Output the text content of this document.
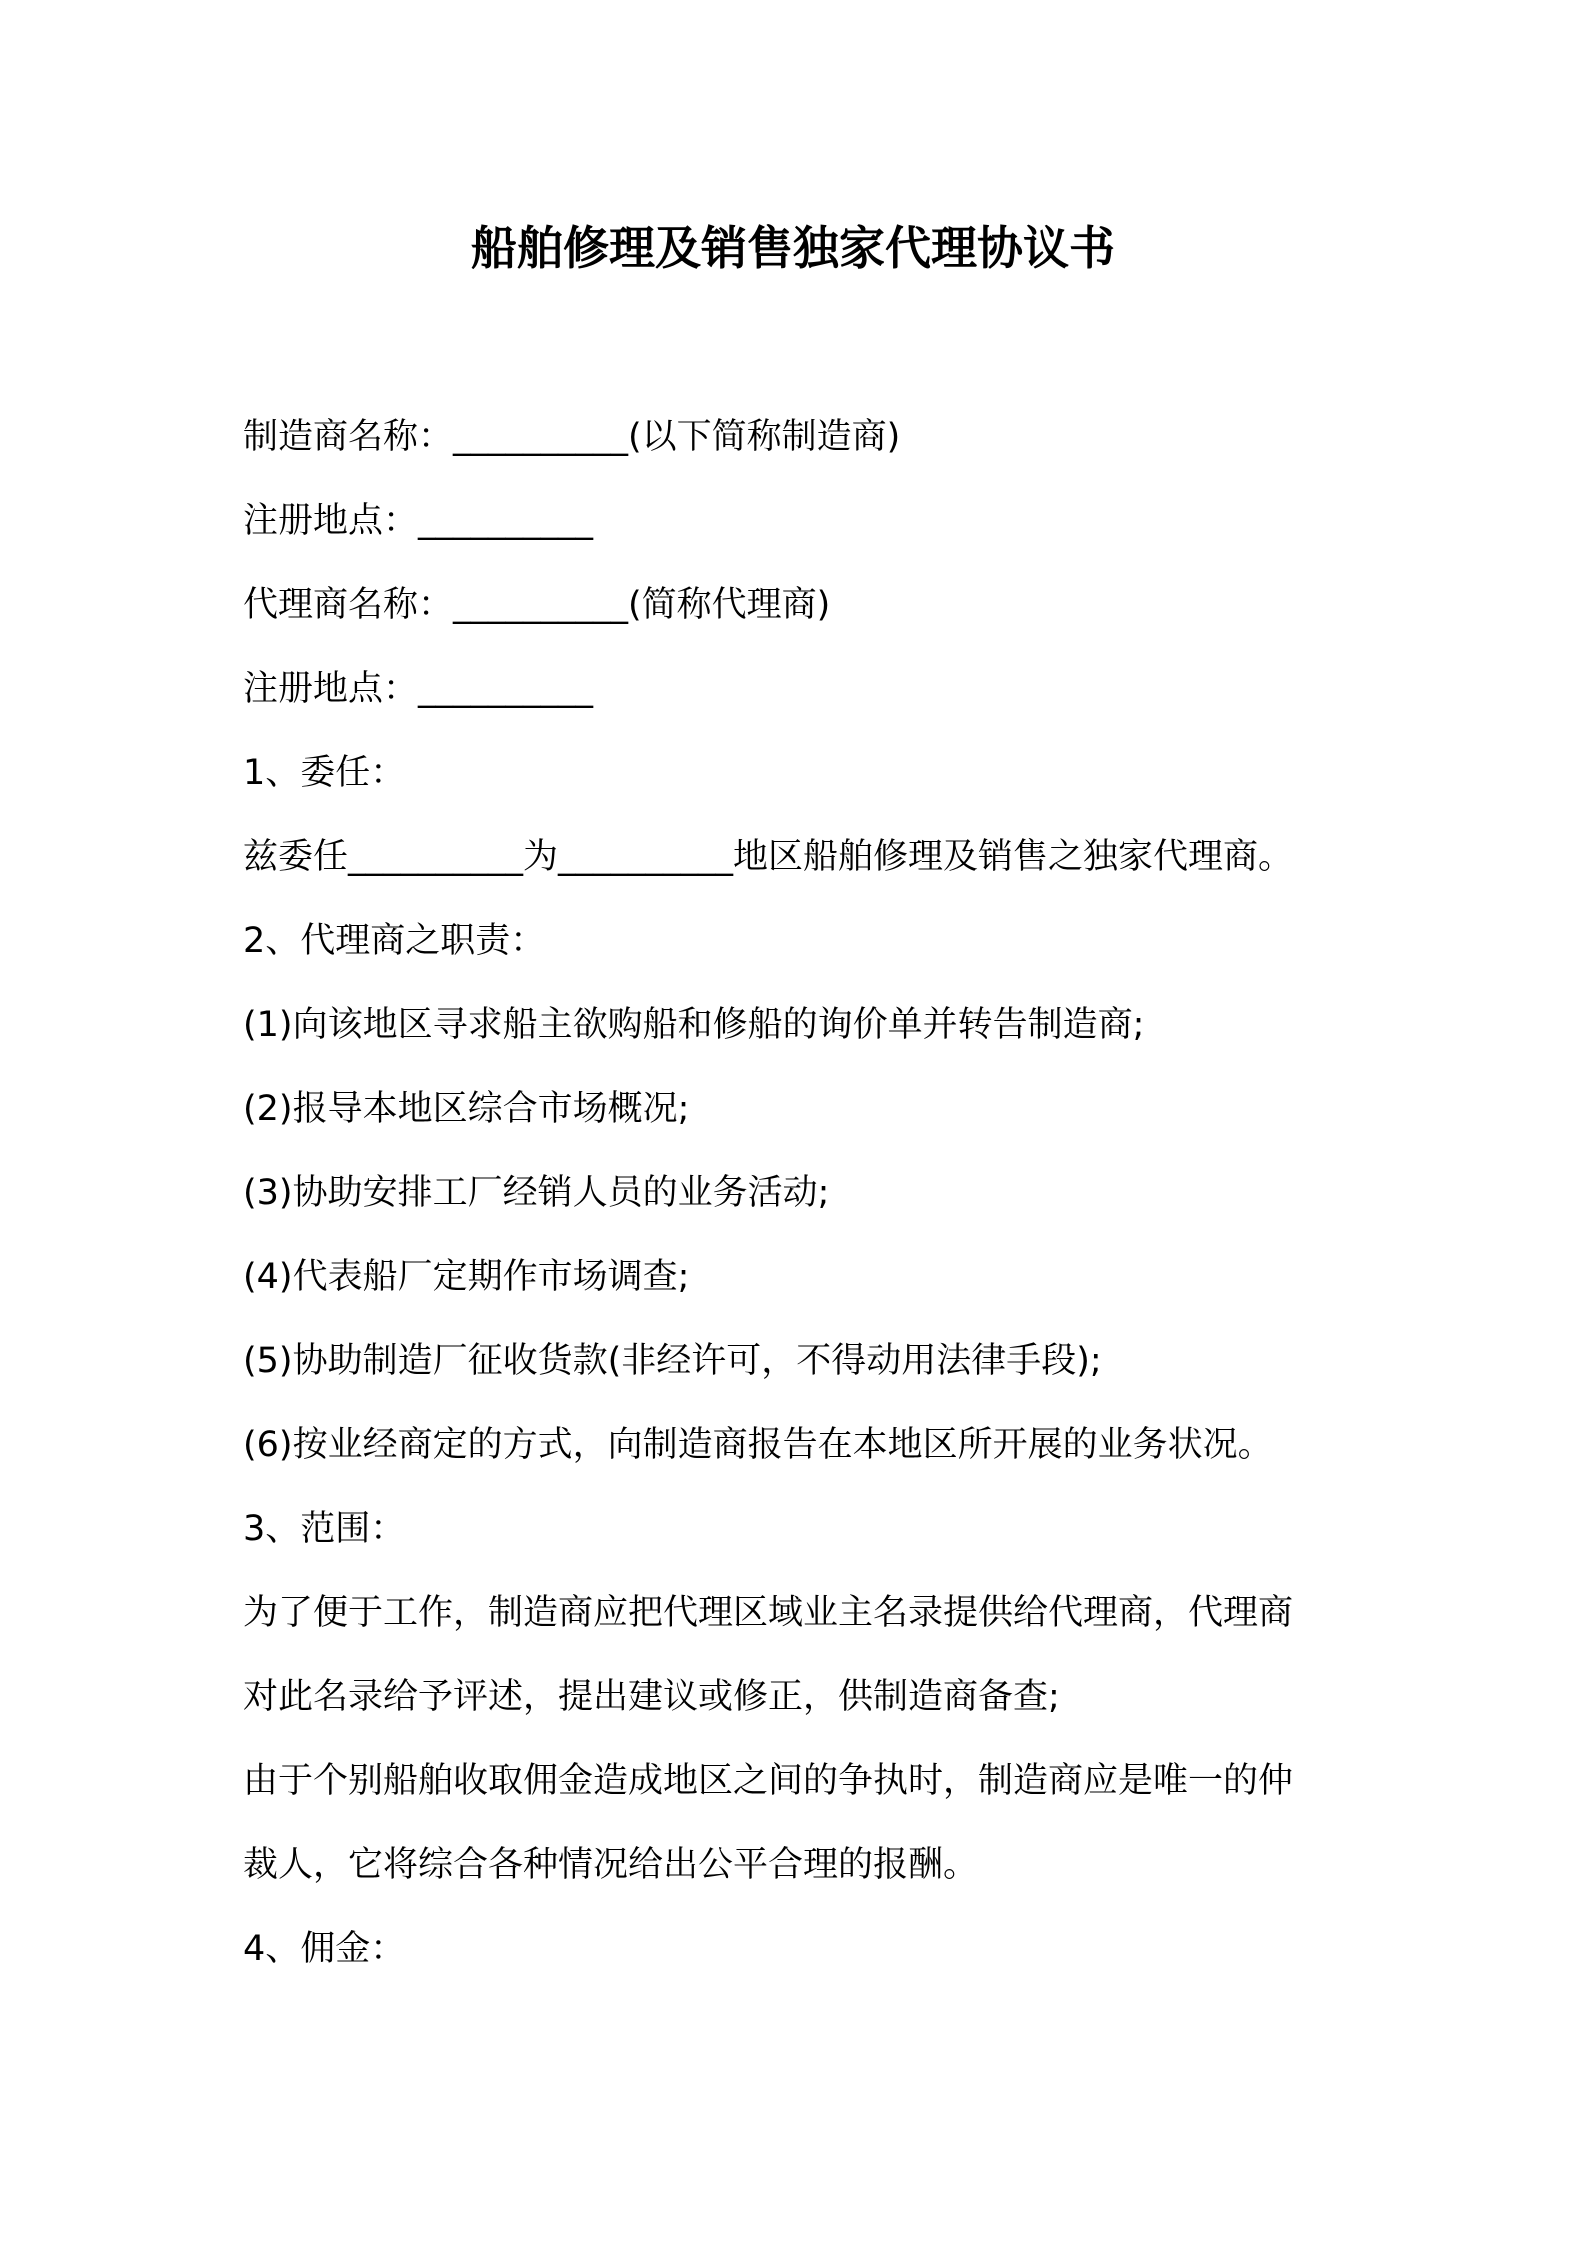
船舶修理及销售独家代理协议书
制造商名称：__________(以下简称制造商)
注册地点：__________
代理商名称：__________(简称代理商)
注册地点：__________
1、委任：
兹委任__________为__________地区船舶修理及销售之独家代理商。
2、代理商之职责：
(1)向该地区寻求船主欲购船和修船的询价单并转告制造商;
(2)报导本地区综合市场概况;
(3)协助安排工厂经销人员的业务活动;
(4)代表船厂定期作市场调查;
(5)协助制造厂征收货款(非经许可，不得动用法律手段);
(6)按业经商定的方式，向制造商报告在本地区所开展的业务状况。
3、范围：
为了便于工作，制造商应把代理区域业主名录提供给代理商，代理商
对此名录给予评述，提出建议或修正，供制造商备查;
由于个别船舶收取佣金造成地区之间的争执时，制造商应是唯一的仲
裁人，它将综合各种情况给出公平合理的报酬。
4、佣金：
